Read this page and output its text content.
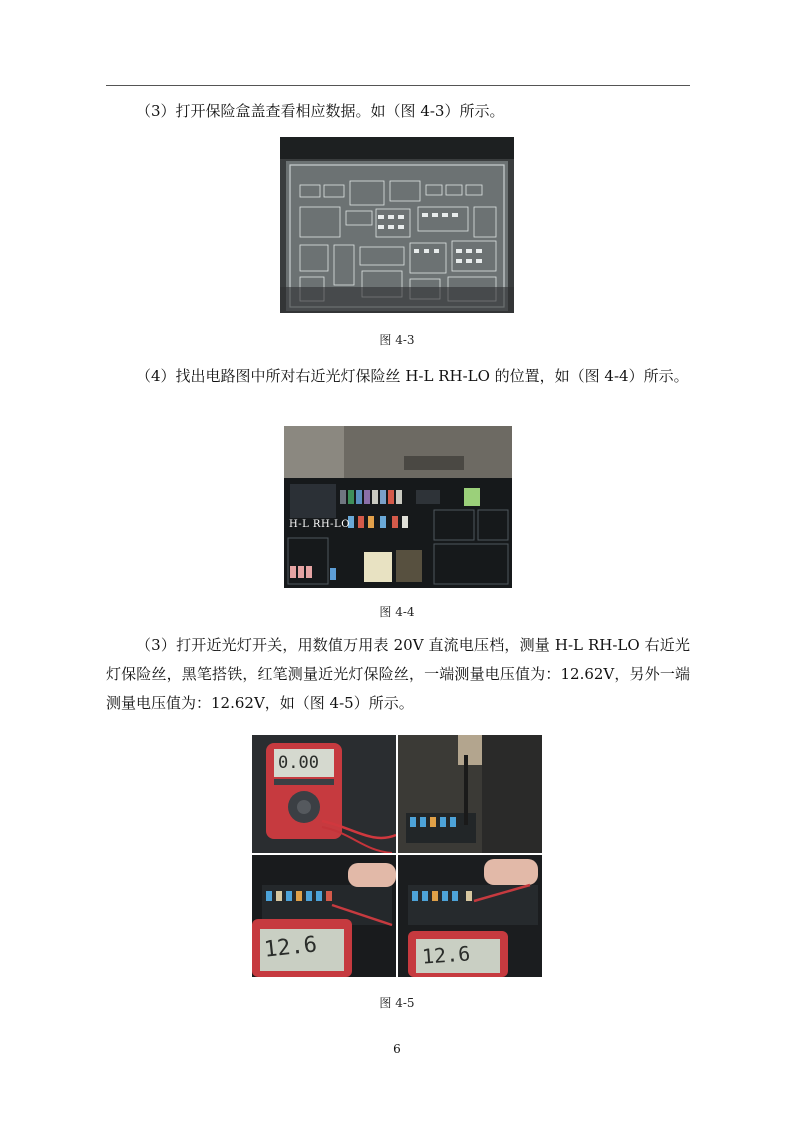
（3）打开保险盒盖查看相应数据。如（图 4-3）所示。

图 4-3

（4）找出电路图中所对右近光灯保险丝 H-L RH-LO 的位置，如（图 4-4）所示。

H-L RH-LO
图 4-4

（3）打开近光灯开关，用数值万用表 20V 直流电压档，测量 H-L RH-LO 右近光灯保险丝，黑笔搭铁，红笔测量近光灯保险丝，一端测量电压值为：12.62V，另外一端测量电压值为：12.62V，如（图 4-5）所示。

0.00
12.6	12.6
图 4-5
6
